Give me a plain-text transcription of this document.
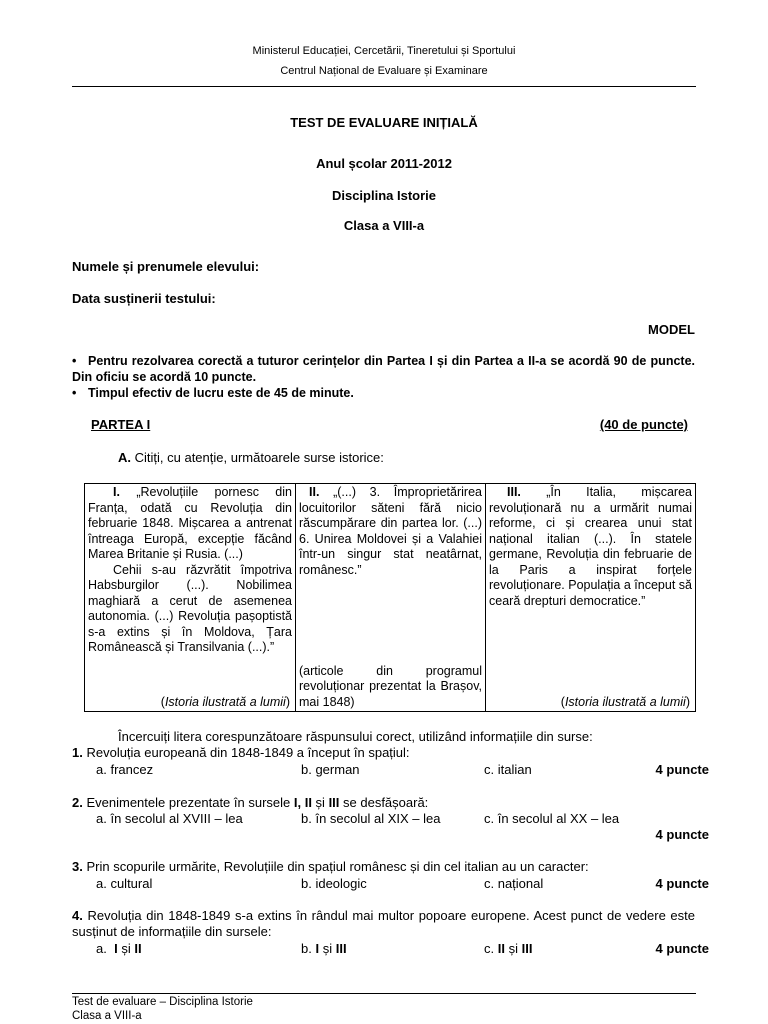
Ministerul Educației, Cercetării, Tineretului și Sportului
Centrul Național de Evaluare și Examinare
TEST DE EVALUARE INIȚIALĂ
Anul școlar 2011-2012
Disciplina Istorie
Clasa a VIII-a
Numele și prenumele elevului:
Data susținerii testului:
MODEL
• Pentru rezolvarea corectă a tuturor cerințelor din Partea I și din Partea a II-a se acordă 90 de puncte. Din oficiu se acordă 10 puncte.
• Timpul efectiv de lucru este de 45 de minute.
PARTEA I	(40 de puncte)
A. Citiți, cu atenție, următoarele surse istorice:
I. „Revoluțiile pornesc din Franța, odată cu Revoluția din februarie 1848. Mișcarea a antrenat întreaga Europă, excepție făcând Marea Britanie și Rusia. (...)
Cehii s-au răzvrătit împotriva Habsburgilor (...). Nobilimea maghiară a cerut de asemenea autonomia. (...) Revoluția pașoptistă s-a extins și în Moldova, Țara Românească și Transilvania (...).”
(Istoria ilustrată a lumii)

II. „(...) 3. Împroprietărirea locuitorilor săteni fără nicio răscumpărare din partea lor. (...) 6. Unirea Moldovei și a Valahiei într-un singur stat neatârnat, românesc.”
(articole din programul revoluționar prezentat la Brașov, mai 1848)

III. „În Italia, mișcarea revoluționară nu a urmărit numai reforme, ci și crearea unui stat național italian (...). În statele germane, Revoluția din februarie de la Paris a inspirat forțele revoluționare. Populația a început să ceară drepturi democratice.”
(Istoria ilustrată a lumii)
Încercuiți litera corespunzătoare răspunsului corect, utilizând informațiile din surse:
1. Revoluția europeană din 1848-1849 a început în spațiul:
a. francez	b. german	c. italian	4 puncte
2. Evenimentele prezentate în sursele I, II și III se desfășoară:
a. în secolul al XVIII – lea	b. în secolul al XIX – lea	c. în secolul al XX – lea
4 puncte
3. Prin scopurile urmărite, Revoluțiile din spațiul românesc și din cel italian au un caracter:
a. cultural	b. ideologic	c. național	4 puncte
4. Revoluția din 1848-1849 s-a extins în rândul mai multor popoare europene. Acest punct de vedere este susținut de informațiile din sursele:
a. I și II	b. I și III	c. II și III	4 puncte
Test de evaluare – Disciplina Istorie
Clasa a VIII-a
